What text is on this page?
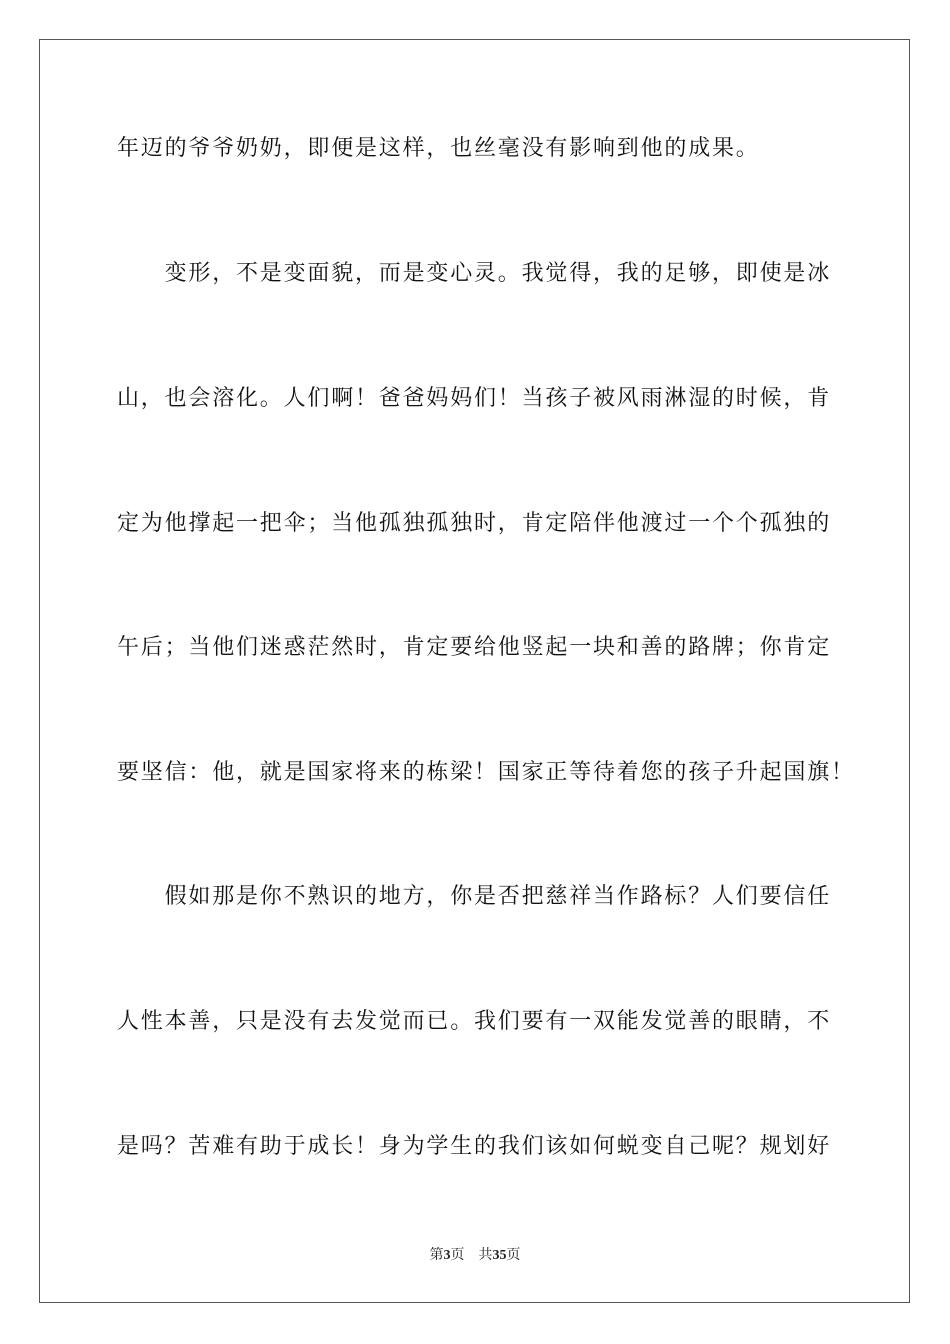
年迈的爷爷奶奶，即便是这样，也丝毫没有影响到他的成果。
　　变形，不是变面貌，而是变心灵。我觉得，我的足够，即使是冰
山，也会溶化。人们啊！爸爸妈妈们！当孩子被风雨淋湿的时候，肯
定为他撑起一把伞；当他孤独孤独时，肯定陪伴他渡过一个个孤独的
午后；当他们迷惑茫然时，肯定要给他竖起一块和善的路牌；你肯定
要坚信：他，就是国家将来的栋梁！国家正等待着您的孩子升起国旗！
　　假如那是你不熟识的地方，你是否把慈祥当作路标？人们要信任
人性本善，只是没有去发觉而已。我们要有一双能发觉善的眼睛，不
是吗？苦难有助于成长！身为学生的我们该如何蜕变自己呢？规划好
第3页 共35页
